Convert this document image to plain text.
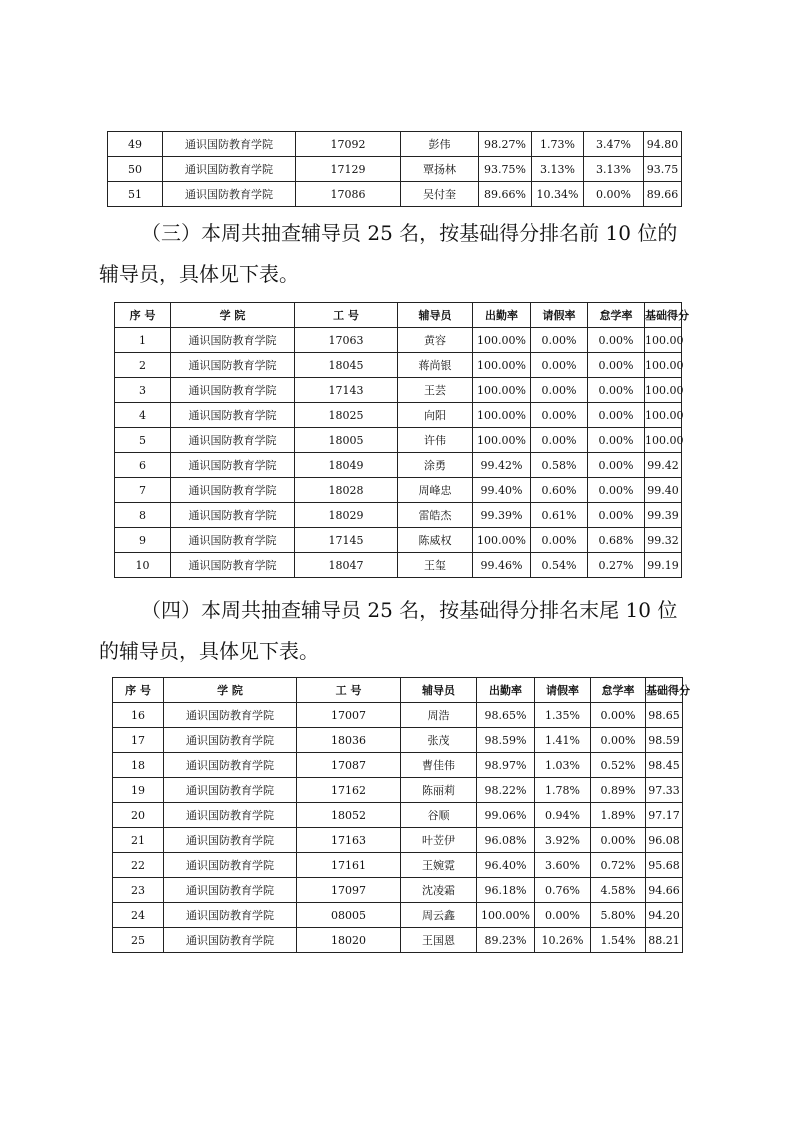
49	通识国防教育学院	17092	彭伟	98.27%	1.73%	3.47%	94.80
50	通识国防教育学院	17129	覃扬林	93.75%	3.13%	3.13%	93.75
51	通识国防教育学院	17086	吴付奎	89.66%	10.34%	0.00%	89.66

（三）本周共抽查辅导员 25 名，按基础得分排名前 10 位的

辅导员，具体见下表。

序 号	学 院	工 号	辅导员	出勤率	请假率	怠学率	基础得分
1	通识国防教育学院	17063	黄容	100.00%	0.00%	0.00%	100.00
2	通识国防教育学院	18045	蒋尚银	100.00%	0.00%	0.00%	100.00
3	通识国防教育学院	17143	王芸	100.00%	0.00%	0.00%	100.00
4	通识国防教育学院	18025	向阳	100.00%	0.00%	0.00%	100.00
5	通识国防教育学院	18005	许伟	100.00%	0.00%	0.00%	100.00
6	通识国防教育学院	18049	涂勇	99.42%	0.58%	0.00%	99.42
7	通识国防教育学院	18028	周峰忠	99.40%	0.60%	0.00%	99.40
8	通识国防教育学院	18029	雷皓杰	99.39%	0.61%	0.00%	99.39
9	通识国防教育学院	17145	陈威权	100.00%	0.00%	0.68%	99.32
10	通识国防教育学院	18047	王玺	99.46%	0.54%	0.27%	99.19

（四）本周共抽查辅导员 25 名，按基础得分排名末尾 10 位

的辅导员，具体见下表。

序 号	学 院	工 号	辅导员	出勤率	请假率	怠学率	基础得分
16	通识国防教育学院	17007	周浩	98.65%	1.35%	0.00%	98.65
17	通识国防教育学院	18036	张茂	98.59%	1.41%	0.00%	98.59
18	通识国防教育学院	17087	曹佳伟	98.97%	1.03%	0.52%	98.45
19	通识国防教育学院	17162	陈丽莉	98.22%	1.78%	0.89%	97.33
20	通识国防教育学院	18052	谷顺	99.06%	0.94%	1.89%	97.17
21	通识国防教育学院	17163	叶苙伊	96.08%	3.92%	0.00%	96.08
22	通识国防教育学院	17161	王婉霓	96.40%	3.60%	0.72%	95.68
23	通识国防教育学院	17097	沈凌霜	96.18%	0.76%	4.58%	94.66
24	通识国防教育学院	08005	周云鑫	100.00%	0.00%	5.80%	94.20
25	通识国防教育学院	18020	王国恩	89.23%	10.26%	1.54%	88.21
